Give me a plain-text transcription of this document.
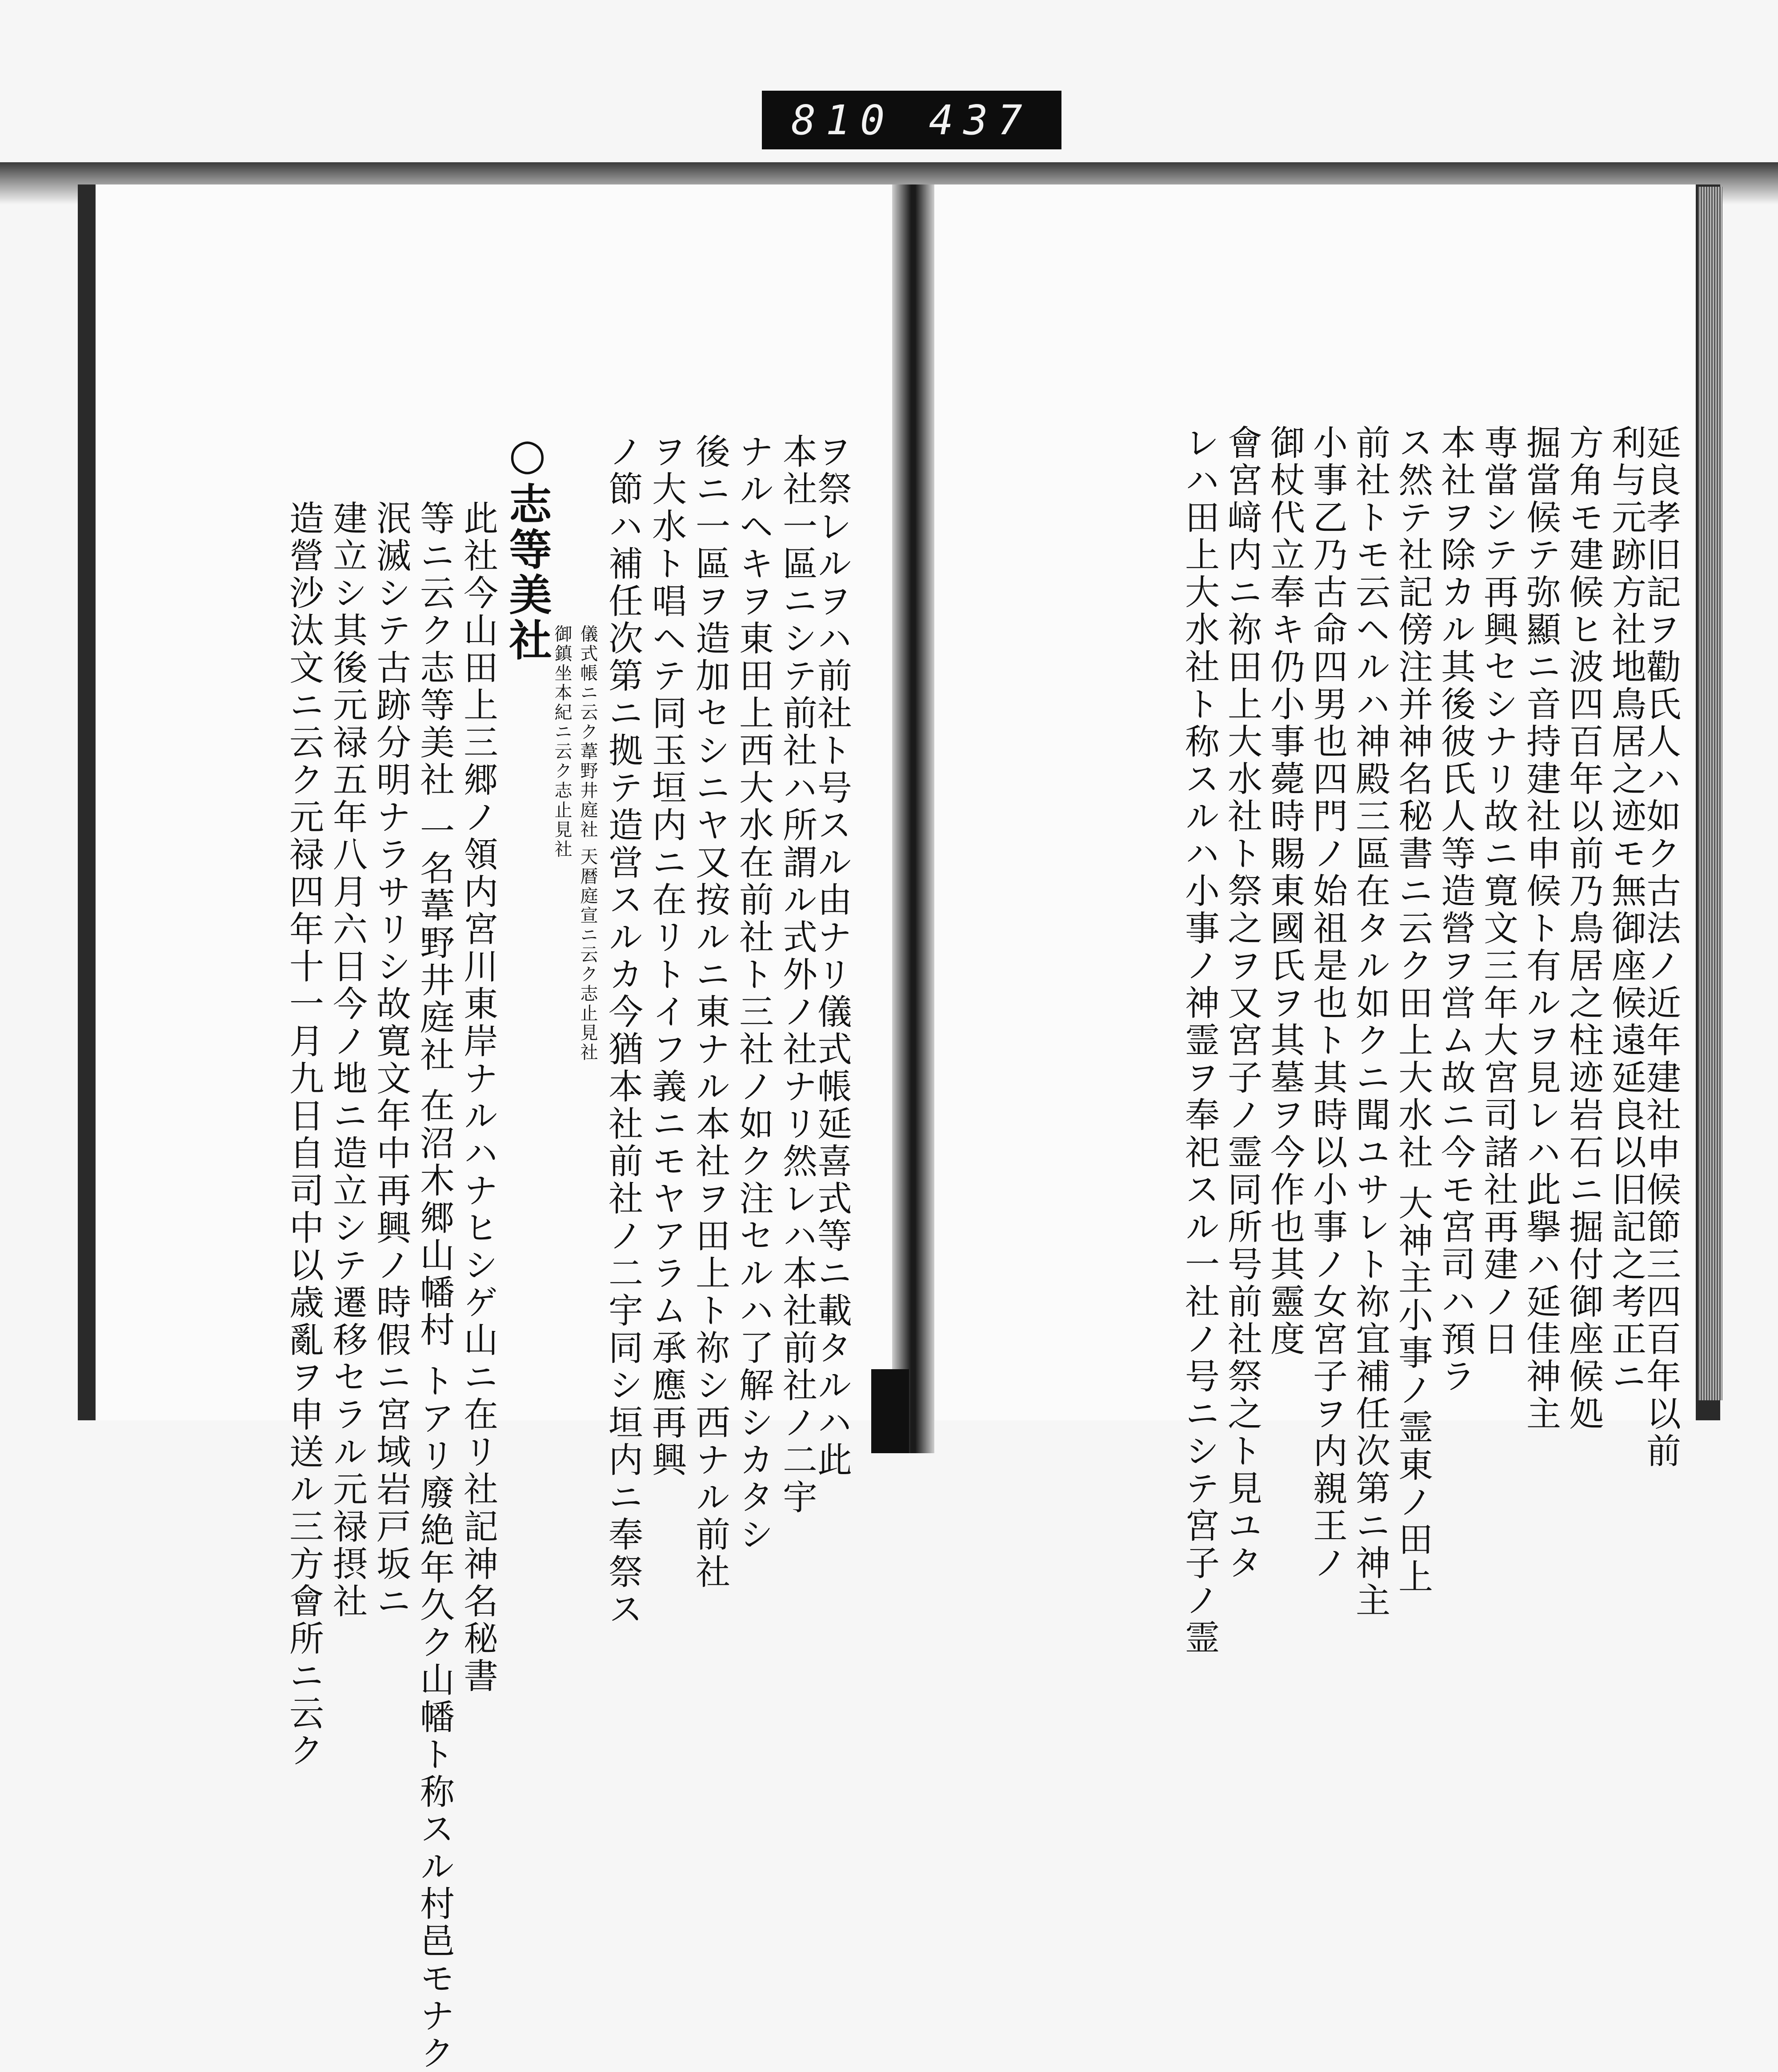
810 437
ヲ祭レルヲハ前社ト号スル由ナリ儀式帳延喜式等ニ載タルハ此
本社一區ニシテ前社ハ所謂ル式外ノ社ナリ然レハ本社前社ノ二宇
ナルヘキヲ東田上西大水在前社ト三社ノ如ク注セルハ了解シカタシ
後ニ一區ヲ造加セシニヤ又按ルニ東ナル本社ヲ田上ト祢シ西ナル前社
ヲ大水ト唱ヘテ同玉垣内ニ在リトイフ義ニモヤアラム承應再興
ノ節ハ補任次第ニ拠テ造営スルカ今猶本社前社ノ二宇同シ垣内ニ奉祭ス
儀式帳ニ云ク葦野井庭社 天暦庭宣ニ云ク志止見社
御鎮坐本紀ニ云ク志止見社
○志等美社
此社今山田上三郷ノ領内宮川東岸ナルハナヒシゲ山ニ在リ社記神名秘書
等ニ云ク志等美社 一名葦野井庭社 在沼木郷山幡村 トアリ廢絶年久ク山幡ト称スル村邑モナク
泯滅シテ古跡分明ナラサリシ故寛文年中再興ノ時假ニ宮域岩戸坂ニ
建立シ其後元禄五年八月六日今ノ地ニ造立シテ遷移セラル元禄摂社
造營沙汰文ニ云ク元禄四年十一月九日自司中以歳亂ヲ申送ル三方會所ニ云ク	延良孝旧記ヲ勸氏人ハ如ク古法ノ近年建社申候節三四百年以前
利与元跡方社地鳥居之迹モ無御座候遠延良以旧記之考正ニ
方角モ建候ヒ波四百年以前乃鳥居之柱迹岩石ニ掘付御座候処
掘當候テ弥顯ニ音持建社申候ト有ルヲ見レハ此擧ハ延佳神主
専當シテ再興セシナリ故ニ寛文三年大宮司諸社再建ノ日
本社ヲ除カル其後彼氏人等造營ヲ営ム故ニ今モ宮司ハ預ラ
ス然テ社記傍注并神名秘書ニ云ク田上大水社 大神主小事ノ霊東ノ田上
前社トモ云ヘルハ神殿三區在タル如クニ聞ユサレト祢宜補任次第ニ神主
小事乙乃古命四男也四門ノ始祖是也ト其時以小事ノ女宮子ヲ内親王ノ
御杖代立奉キ仍小事薨時賜東國氏ヲ其墓ヲ今作也其靈度
會宮﨑内ニ祢田上大水社ト祭之ヲ又宮子ノ霊同所号前社祭之ト見ユタ
レハ田上大水社ト称スルハ小事ノ神霊ヲ奉祀スル一社ノ号ニシテ宮子ノ霊
